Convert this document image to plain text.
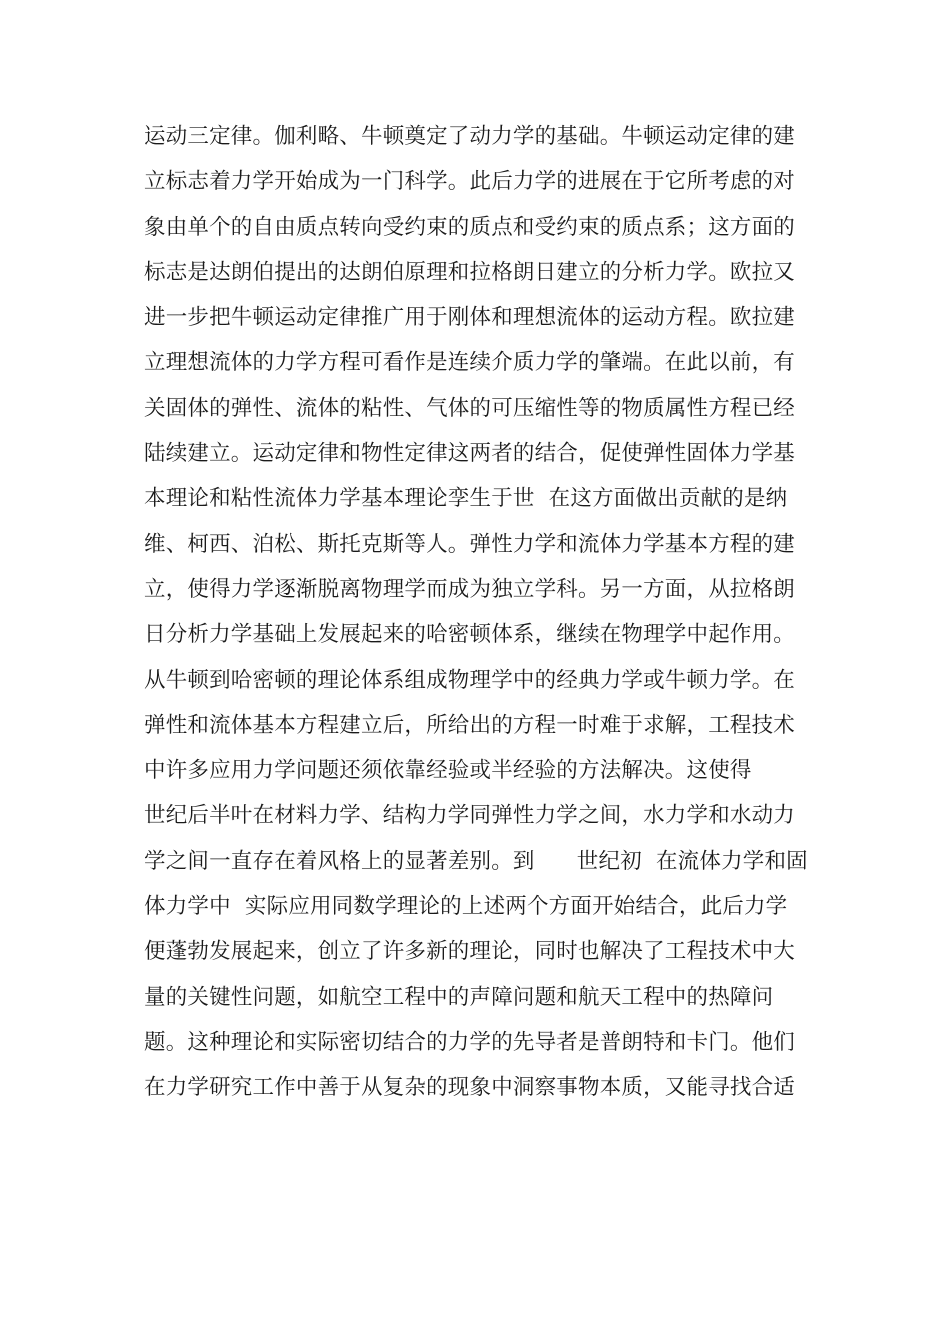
运动三定律。伽利略、牛顿奠定了动力学的基础。牛顿运动定律的建
立标志着力学开始成为一门科学。此后力学的进展在于它所考虑的对
象由单个的自由质点转向受约束的质点和受约束的质点系；这方面的
标志是达朗伯提出的达朗伯原理和拉格朗日建立的分析力学。欧拉又
进一步把牛顿运动定律推广用于刚体和理想流体的运动方程。欧拉建
立理想流体的力学方程可看作是连续介质力学的肇端。在此以前，有
关固体的弹性、流体的粘性、气体的可压缩性等的物质属性方程已经
陆续建立。运动定律和物性定律这两者的结合，促使弹性固体力学基
本理论和粘性流体力学基本理论孪生于世  在这方面做出贡献的是纳
维、柯西、泊松、斯托克斯等人。弹性力学和流体力学基本方程的建
立，使得力学逐渐脱离物理学而成为独立学科。另一方面，从拉格朗
日分析力学基础上发展起来的哈密顿体系，继续在物理学中起作用。
从牛顿到哈密顿的理论体系组成物理学中的经典力学或牛顿力学。在
弹性和流体基本方程建立后，所给出的方程一时难于求解，工程技术
中许多应用力学问题还须依靠经验或半经验的方法解决。这使得
世纪后半叶在材料力学、结构力学同弹性力学之间，水力学和水动力
学之间一直存在着风格上的显著差别。到      世纪初  在流体力学和固
体力学中  实际应用同数学理论的上述两个方面开始结合，此后力学
便蓬勃发展起来，创立了许多新的理论，同时也解决了工程技术中大
量的关键性问题，如航空工程中的声障问题和航天工程中的热障问
题。这种理论和实际密切结合的力学的先导者是普朗特和卡门。他们
在力学研究工作中善于从复杂的现象中洞察事物本质，又能寻找合适
